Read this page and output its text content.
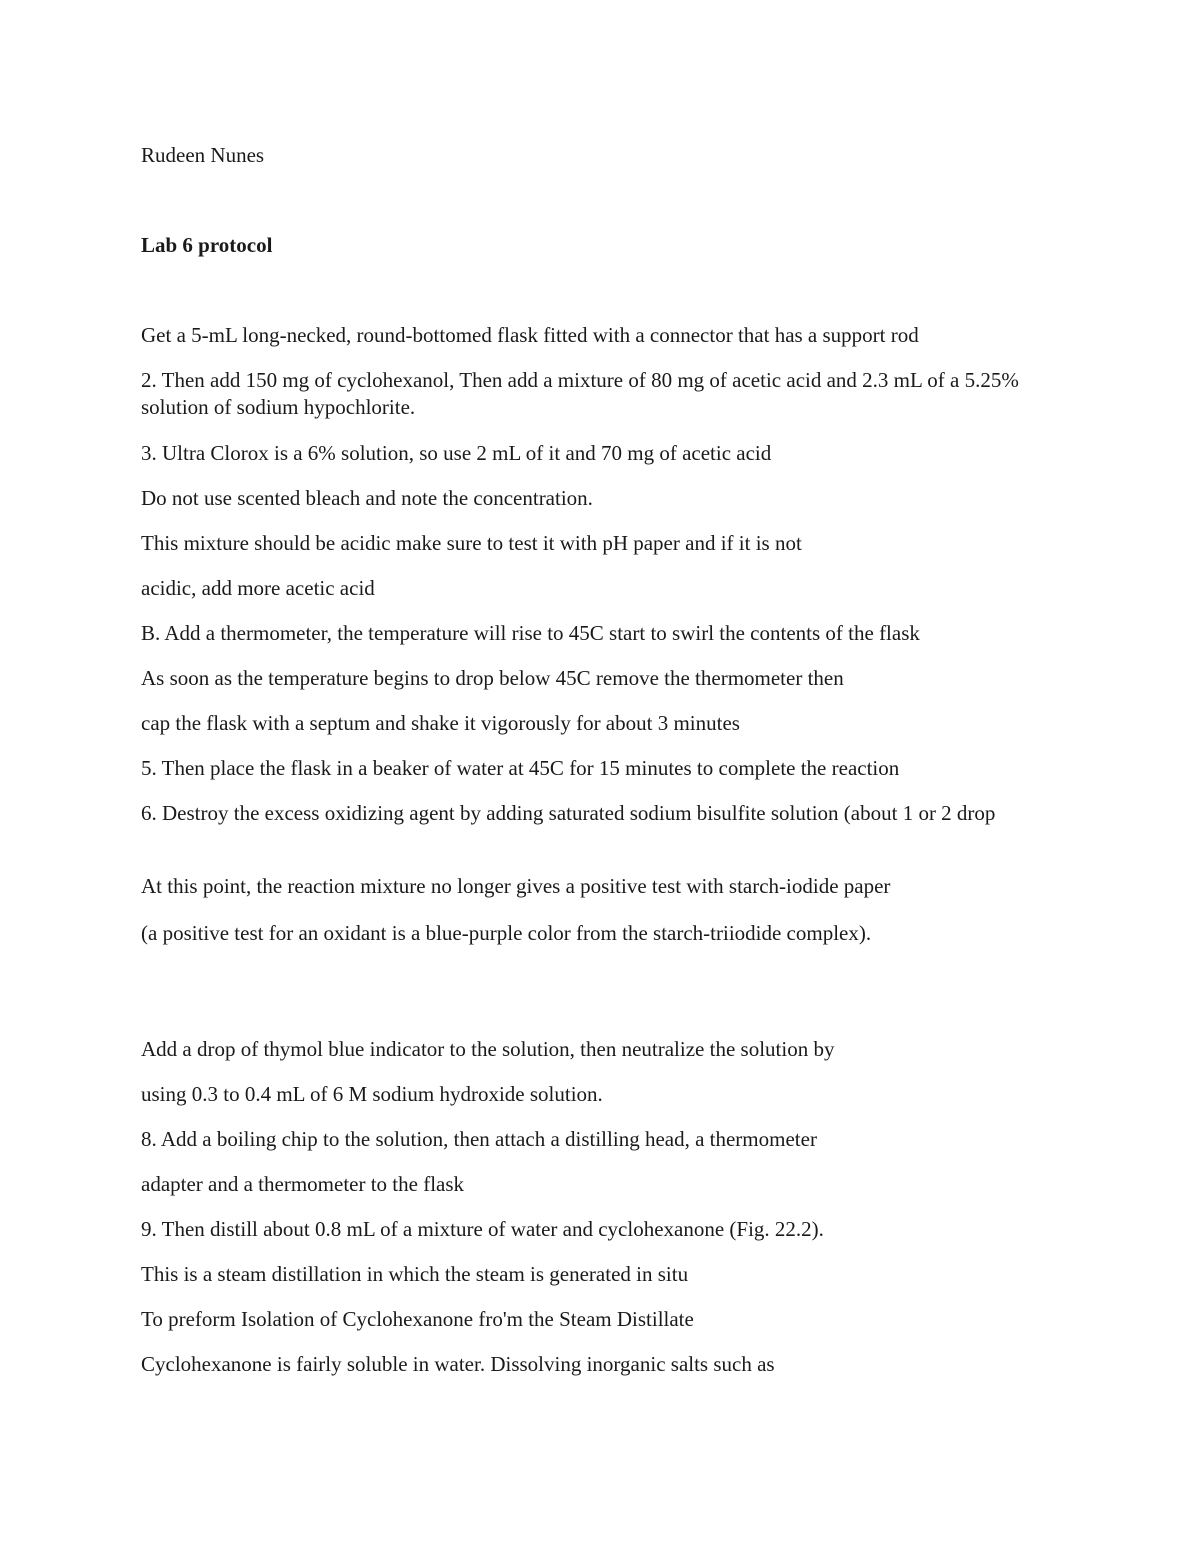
Rudeen Nunes

Lab 6 protocol

Get a 5-mL long-necked, round-bottomed flask fitted with a connector that has a support rod

2. Then add 150 mg of cyclohexanol, Then add a mixture of 80 mg of acetic acid and 2.3 mL of a 5.25% solution of sodium hypochlorite.

3. Ultra Clorox is a 6% solution, so use 2 mL of it and 70 mg of acetic acid

Do not use scented bleach and note the concentration.

This mixture should be acidic make sure to test it with pH paper and if it is not

acidic, add more acetic acid

B. Add a thermometer, the temperature will rise to 45C start to swirl the contents of the flask

As soon as the temperature begins to drop below 45C remove the thermometer then

cap the flask with a septum and shake it vigorously for about 3 minutes

5. Then place the flask in a beaker of water at 45C for 15 minutes to complete the reaction

6. Destroy the excess oxidizing agent by adding saturated sodium bisulfite solution (about 1 or 2 drop

At this point, the reaction mixture no longer gives a positive test with starch-iodide paper

(a positive test for an oxidant is a blue-purple color from the starch-triiodide complex).

Add a drop of thymol blue indicator to the solution, then neutralize the solution by

using 0.3 to 0.4 mL of 6 M sodium hydroxide solution.

8. Add a boiling chip to the solution, then attach a distilling head, a thermometer

adapter and a thermometer to the flask

9. Then distill about 0.8 mL of a mixture of water and cyclohexanone (Fig. 22.2).

This is a steam distillation in which the steam is generated in situ

To preform Isolation of Cyclohexanone fro'm the Steam Distillate

Cyclohexanone is fairly soluble in water. Dissolving inorganic salts such as
